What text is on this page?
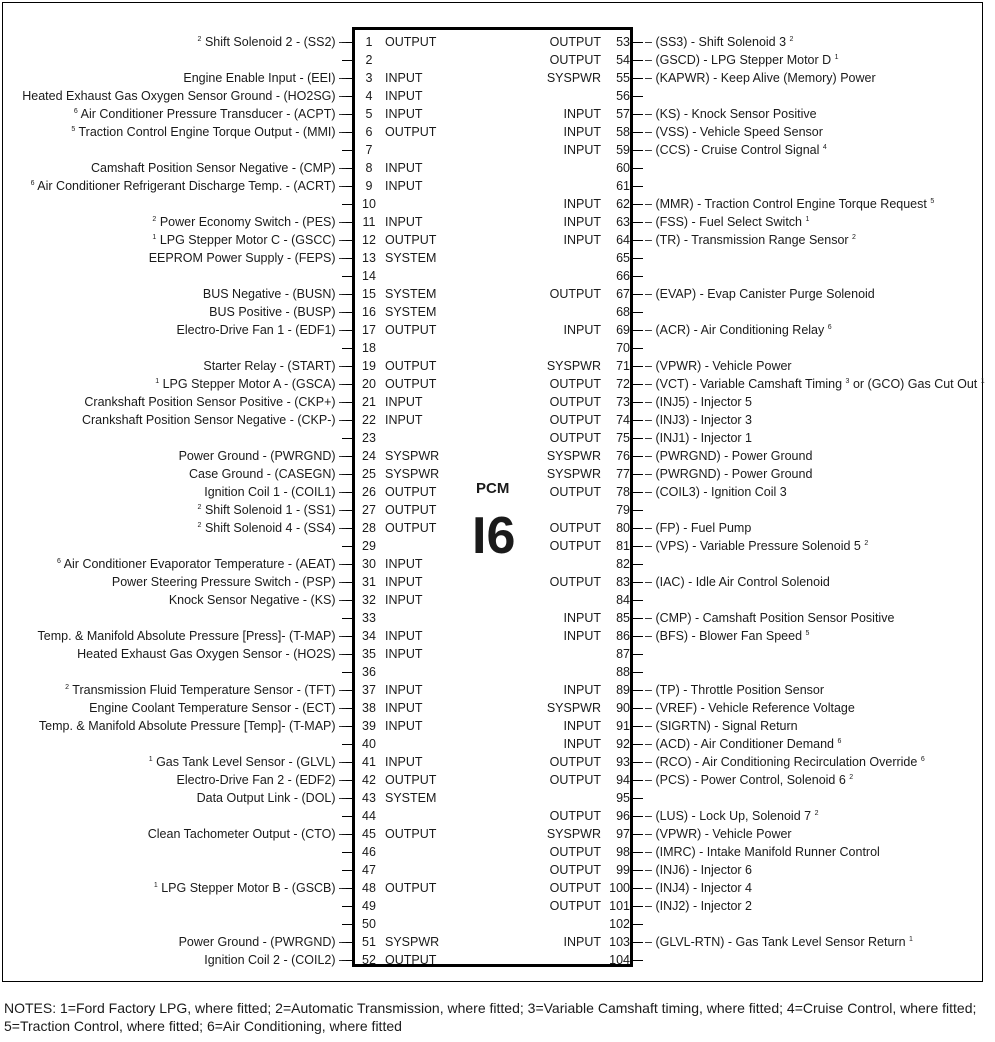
PCM
I6
$^2$ Shift Solenoid 2 - (SS2) –	1	OUTPUT
2
Engine Enable Input - (EEI) –	3	INPUT
Heated Exhaust Gas Oxygen Sensor Ground - (HO2SG) –	4	INPUT
$^6$ Air Conditioner Pressure Transducer - (ACPT) –	5	INPUT
$^5$ Traction Control Engine Torque Output - (MMI) –	6	OUTPUT
7
Camshaft Position Sensor Negative - (CMP) –	8	INPUT
$^6$ Air Conditioner Refrigerant Discharge Temp. - (ACRT) –	9	INPUT
10
$^2$ Power Economy Switch - (PES) –	11 INPUT
$^1$ LPG Stepper Motor C - (GSCC) –	12 OUTPUT
EEPROM Power Supply - (FEPS) –	13 SYSTEM
14
BUS Negative - (BUSN) –	15 SYSTEM
BUS Positive - (BUSP) –	16 SYSTEM
Electro-Drive Fan 1 - (EDF1) –	17 OUTPUT
18
Starter Relay - (START) –	19 OUTPUT
$^1$ LPG Stepper Motor A - (GSCA) –	20 OUTPUT
Crankshaft Position Sensor Positive - (CKP+) –	21 INPUT
Crankshaft Position Sensor Negative - (CKP-) –	22 INPUT
23
Power Ground - (PWRGND) –	24 SYSPWR
Case Ground - (CASEGN) –	25 SYSPWR
Ignition Coil 1 - (COIL1) –	26 OUTPUT
$^2$ Shift Solenoid 1 - (SS1) –	27 OUTPUT
$^2$ Shift Solenoid 4 - (SS4) –	28 OUTPUT
29
$^6$ Air Conditioner Evaporator Temperature - (AEAT) –	30 INPUT
Power Steering Pressure Switch - (PSP) –	31 INPUT
Knock Sensor Negative - (KS) –	32 INPUT
33
Temp. & Manifold Absolute Pressure [Press]- (T-MAP) –	34 INPUT
Heated Exhaust Gas Oxygen Sensor - (HO2S) –	35 INPUT
36
$^2$ Transmission Fluid Temperature Sensor - (TFT) –	37 INPUT
Engine Coolant Temperature Sensor - (ECT) –	38 INPUT
Temp. & Manifold Absolute Pressure [Temp]- (T-MAP) –	39 INPUT
40
$^1$ Gas Tank Level Sensor - (GLVL) –	41 INPUT
Electro-Drive Fan 2 - (EDF2) –	42 OUTPUT
Data Output Link - (DOL) –	43 SYSTEM
44
Clean Tachometer Output - (CTO) –	45 OUTPUT
46
47
$^1$ LPG Stepper Motor B - (GSCB) –	48 OUTPUT
49
50
Power Ground - (PWRGND) –	51 SYSPWR
Ignition Coil 2 - (COIL2) –	52 OUTPUT
OUTPUT 53 – (SS3) - Shift Solenoid 3 $^2$
OUTPUT 54 – (GSCD) - LPG Stepper Motor D $^1$
SYSPWR 55 – (KAPWR) - Keep Alive (Memory) Power
56
INPUT 57 – (KS) - Knock Sensor Positive
INPUT 58 – (VSS) - Vehicle Speed Sensor
INPUT 59 – (CCS) - Cruise Control Signal $^4$
60
61
INPUT 62 – (MMR) - Traction Control Engine Torque Request $^5$
INPUT 63 – (FSS) - Fuel Select Switch $^1$
INPUT 64 – (TR) - Transmission Range Sensor $^2$
65
66
OUTPUT 67 – (EVAP) - Evap Canister Purge Solenoid
68
INPUT 69 – (ACR) - Air Conditioning Relay $^6$
70
SYSPWR 71 – (VPWR) - Vehicle Power
OUTPUT 72 – (VCT) - Variable Camshaft Timing $^3$ or (GCO) Gas Cut Out $^1$
OUTPUT 73 – (INJ5) - Injector 5
OUTPUT 74 – (INJ3) - Injector 3
OUTPUT 75 – (INJ1) - Injector 1
SYSPWR 76 – (PWRGND) - Power Ground
SYSPWR 77 – (PWRGND) - Power Ground
OUTPUT 78 – (COIL3) - Ignition Coil 3
79
OUTPUT 80 – (FP) - Fuel Pump
OUTPUT 81 – (VPS) - Variable Pressure Solenoid 5 $^2$
82
OUTPUT 83 – (IAC) - Idle Air Control Solenoid
84
INPUT 85 – (CMP) - Camshaft Position Sensor Positive
INPUT 86 – (BFS) - Blower Fan Speed $^5$
87
88
INPUT 89 – (TP) - Throttle Position Sensor
SYSPWR 90 – (VREF) - Vehicle Reference Voltage
INPUT 91 – (SIGRTN) - Signal Return
INPUT 92 – (ACD) - Air Conditioner Demand $^6$
OUTPUT 93 – (RCO) - Air Conditioning Recirculation Override $^6$
OUTPUT 94 – (PCS) - Power Control, Solenoid 6 $^2$
95
OUTPUT 96 – (LUS) - Lock Up, Solenoid 7 $^2$
SYSPWR 97 – (VPWR) - Vehicle Power
OUTPUT 98 – (IMRC) - Intake Manifold Runner Control
OUTPUT 99 – (INJ6) - Injector 6
OUTPUT 100 – (INJ4) - Injector 4
OUTPUT 101 – (INJ2) - Injector 2
102
INPUT 103 – (GLVL-RTN) - Gas Tank Level Sensor Return $^1$
104
NOTES: 1=Ford Factory LPG, where fitted; 2=Automatic Transmission, where fitted; 3=Variable Camshaft timing, where fitted; 4=Cruise Control, where fitted; 5=Traction Control, where fitted; 6=Air Conditioning, where fitted
